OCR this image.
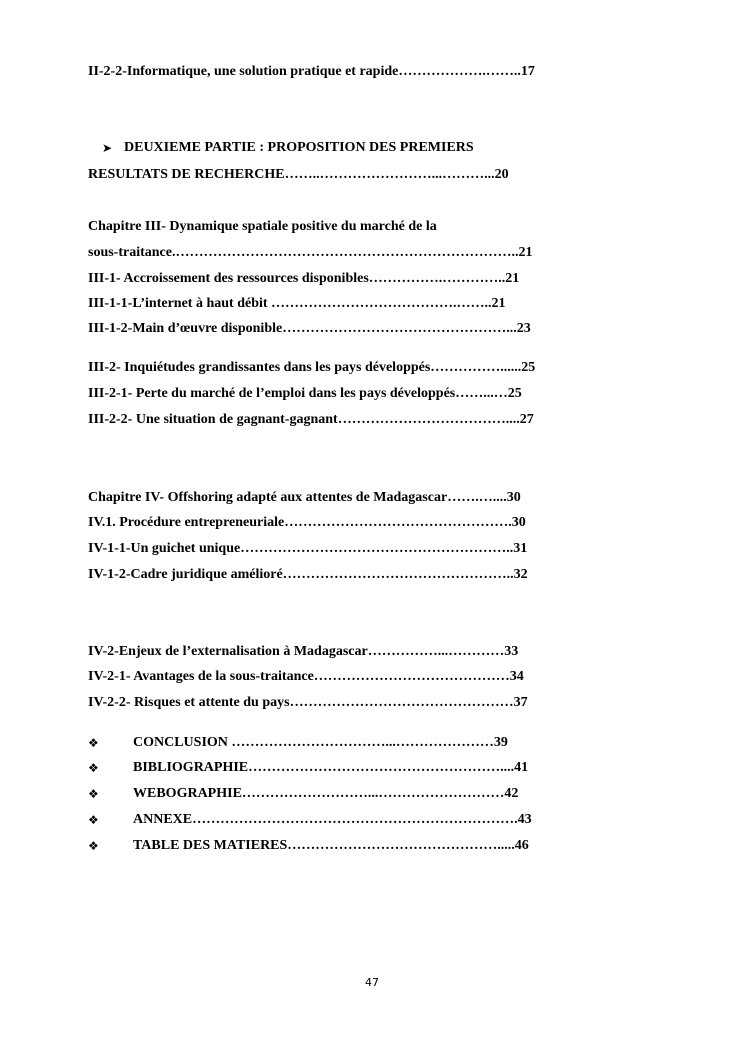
II-2-2-Informatique, une solution pratique et rapide……………….……..17
➤ DEUXIEME PARTIE : PROPOSITION DES PREMIERS
RESULTATS DE RECHERCHE……..……………………...………...20
Chapitre III- Dynamique spatiale positive du marché de la
sous-traitance.………………………………………………………………..21
III-1- Accroissement des ressources disponibles…………….…………..21
III-1-1-L’internet à haut débit ………………………………….……..21
III-1-2-Main d’œuvre disponible…………………………………………...23
III-2- Inquiétudes grandissantes dans les pays développés……………......25
III-2-1- Perte du marché de l’emploi dans les pays développés……...…25
III-2-2- Une situation de gagnant-gagnant………………………………....27
Chapitre IV- Offshoring adapté aux attentes de Madagascar…….…....30
IV.1. Procédure entrepreneuriale………………………………………….30
IV-1-1-Un guichet unique…………………………………………………..31
IV-1-2-Cadre juridique amélioré…………………………………………..32
IV-2-Enjeux de l’externalisation à Madagascar……………...…………33
IV-2-1- Avantages de la sous-traitance……………………………………34
IV-2-2- Risques et attente du pays…………………………………………37
❖ CONCLUSION ……………………………...…………………39
❖ BIBLIOGRAPHIE………………………………………………....41
❖ WEBOGRAPHIE………………………...………………………42
❖ ANNEXE…………………………………………………………….43
❖ TABLE DES MATIERES……………………………………….....46
47
